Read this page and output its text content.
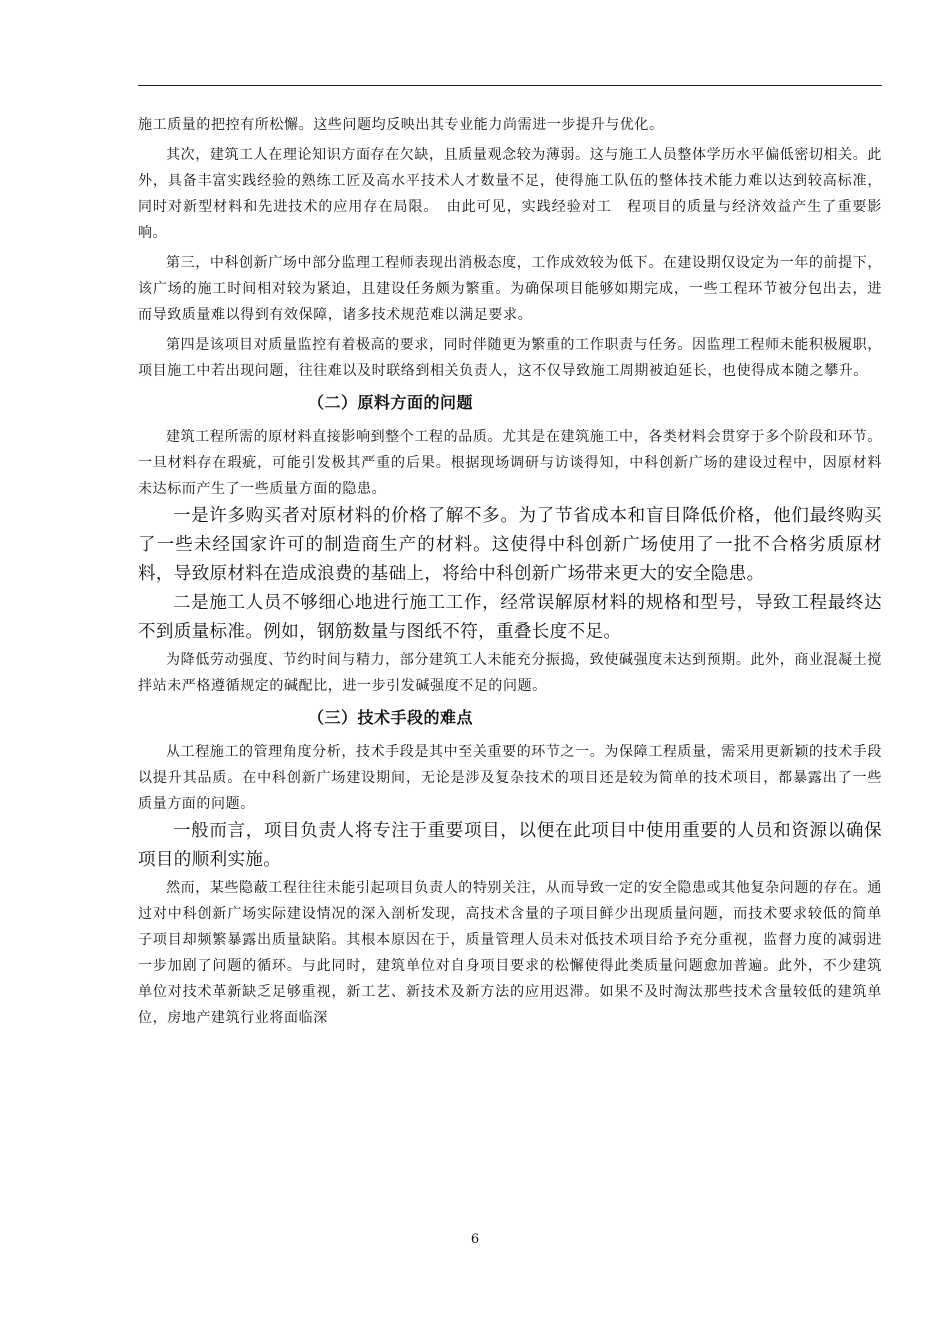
施工质量的把控有所松懈。这些问题均反映出其专业能力尚需进一步提升与优化。

其次，建筑工人在理论知识方面存在欠缺，且质量观念较为薄弱。这与施工人员整体学历水平偏低密切相关。此外，具备丰富实践经验的熟练工匠及高水平技术人才数量不足，使得施工队伍的整体技术能力难以达到较高标准，同时对新型材料和先进技术的应用存在局限。　由此可见，实践经验对工　程项目的质量与经济效益产生了重要影响。

第三，中科创新广场中部分监理工程师表现出消极态度，工作成效较为低下。在建设期仅设定为一年的前提下，该广场的施工时间相对较为紧迫，且建设任务颇为繁重。为确保项目能够如期完成，一些工程环节被分包出去，进而导致质量难以得到有效保障，诸多技术规范难以满足要求。

第四是该项目对质量监控有着极高的要求，同时伴随更为繁重的工作职责与任务。因监理工程师未能积极履职，项目施工中若出现问题，往往难以及时联络到相关负责人，这不仅导致施工周期被迫延长，也使得成本随之攀升。

（二）原料方面的问题

建筑工程所需的原材料直接影响到整个工程的品质。尤其是在建筑施工中，各类材料会贯穿于多个阶段和环节。一旦材料存在瑕疵，可能引发极其严重的后果。根据现场调研与访谈得知，中科创新广场的建设过程中，因原材料未达标而产生了一些质量方面的隐患。

一是许多购买者对原材料的价格了解不多。为了节省成本和盲目降低价格，他们最终购买了一些未经国家许可的制造商生产的材料。这使得中科创新广场使用了一批不合格劣质原材料，导致原材料在造成浪费的基础上，将给中科创新广场带来更大的安全隐患。

二是施工人员不够细心地进行施工工作，经常误解原材料的规格和型号，导致工程最终达不到质量标准。例如，钢筋数量与图纸不符，重叠长度不足。

为降低劳动强度、节约时间与精力，部分建筑工人未能充分振捣，致使碱强度未达到预期。此外，商业混凝土搅拌站未严格遵循规定的碱配比，进一步引发碱强度不足的问题。

（三）技术手段的难点

从工程施工的管理角度分析，技术手段是其中至关重要的环节之一。为保障工程质量，需采用更新颖的技术手段以提升其品质。在中科创新广场建设期间，无论是涉及复杂技术的项目还是较为简单的技术项目，都暴露出了一些质量方面的问题。

一般而言，项目负责人将专注于重要项目，以便在此项目中使用重要的人员和资源以确保项目的顺利实施。

然而，某些隐蔽工程往往未能引起项目负责人的特别关注，从而导致一定的安全隐患或其他复杂问题的存在。通过对中科创新广场实际建设情况的深入剖析发现，高技术含量的子项目鲜少出现质量问题，而技术要求较低的简单子项目却频繁暴露出质量缺陷。其根本原因在于，质量管理人员未对低技术项目给予充分重视，监督力度的减弱进一步加剧了问题的循环。与此同时，建筑单位对自身项目要求的松懈使得此类质量问题愈加普遍。此外，不少建筑单位对技术革新缺乏足够重视，新工艺、新技术及新方法的应用迟滞。如果不及时淘汰那些技术含量较低的建筑单位，房地产建筑行业将面临深

6
